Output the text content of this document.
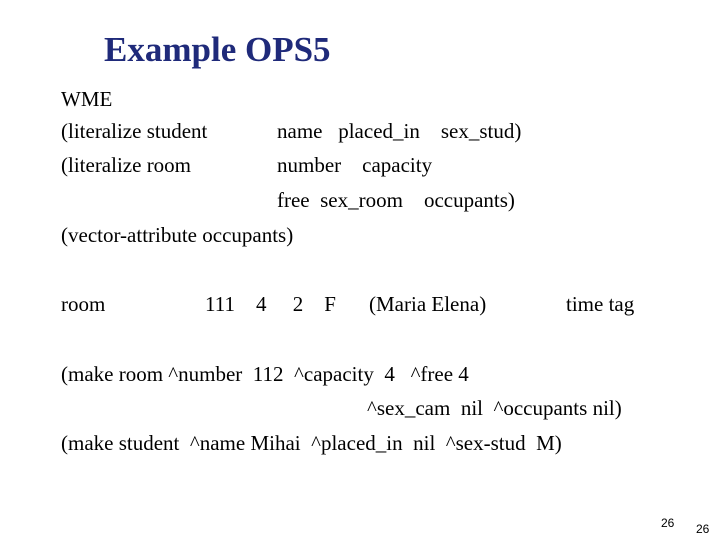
Example OPS5
WME
(literalize student	name   placed_in    sex_stud)
(literalize room	number    capacity
free  sex_room    occupants)
(vector-attribute occupants)
room	111    4     2    F (Maria Elena)	time tag
(make room ^number  112  ^capacity  4   ^free 4
^sex_cam  nil  ^occupants nil)
(make student  ^name Mihai  ^placed_in  nil  ^sex-stud  M)
26 26
